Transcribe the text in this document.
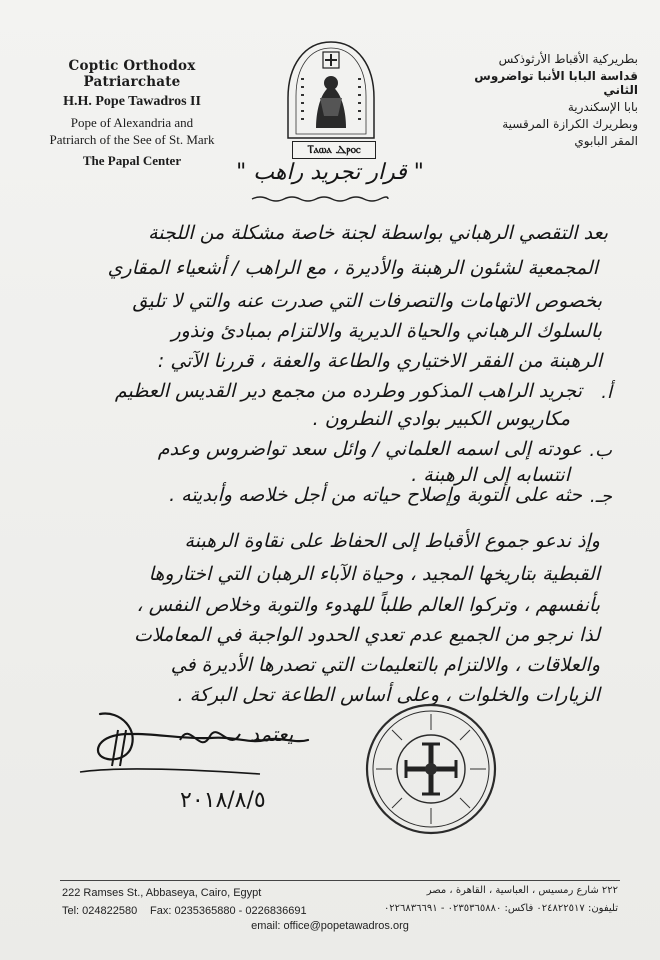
Coptic Orthodox Patriarchate
H.H. Pope Tawadros II
Pope of Alexandria and
Patriarch of the See of St. Mark
The Papal Center
بطريركية الأقباط الأرثوذكس
قداسة البابا الأنبا تواضروس الثاني
بابا الإسكندرية
وبطريرك الكرازة المرقسية
المقر البابوي
Ⲧⲁⲱⲁ Ⲇⲣⲟⲥ
" قرار تجريد راهب "
بعد التقصي الرهباني بواسطة لجنة خاصة مشكلة من اللجنة
المجمعية لشئون الرهبنة والأديرة ، مع الراهب / أشعياء المقاري
بخصوص الاتهامات والتصرفات التي صدرت عنه والتي لا تليق
بالسلوك الرهباني والحياة الديرية والالتزام بمبادئ ونذور
الرهبنة من الفقر الاختياري والطاعة والعفة ، قررنا الآتي :
أ.
تجريد الراهب المذكور وطرده من مجمع دير القديس العظيم
مكاريوس الكبير بوادي النطرون .
ب.
عودته إلى اسمه العلماني / وائل سعد تواضروس وعدم
انتسابه إلى الرهبنة .
جـ.
حثه على التوبة وإصلاح حياته من أجل خلاصه وأبديته .
وإذ ندعو جموع الأقباط إلى الحفاظ على نقاوة الرهبنة
القبطية بتاريخها المجيد ، وحياة الآباء الرهبان التي اختاروها
بأنفسهم ، وتركوا العالم طلباً للهدوء والتوبة وخلاص النفس ،
لذا نرجو من الجميع عدم تعدي الحدود الواجبة في المعاملات
والعلاقات ، والالتزام بالتعليمات التي تصدرها الأديرة في
الزيارات والخلوات ، وعلى أساس الطاعة تحل البركة .
يعتمد
٢٠١٨/٨/٥
222 Ramses St., Abbaseya, Cairo, Egypt
Tel: 024822580 Fax: 0235365880 - 0226836691
٢٢٢ شارع رمسيس ، العباسية ، القاهرة ، مصر
تليفون: ٠٢٤٨٢٢٥١٧ فاكس: ٠٢٣٥٣٦٥٨٨٠ - ٠٢٢٦٨٣٦٦٩١
email: office@popetawadros.org
